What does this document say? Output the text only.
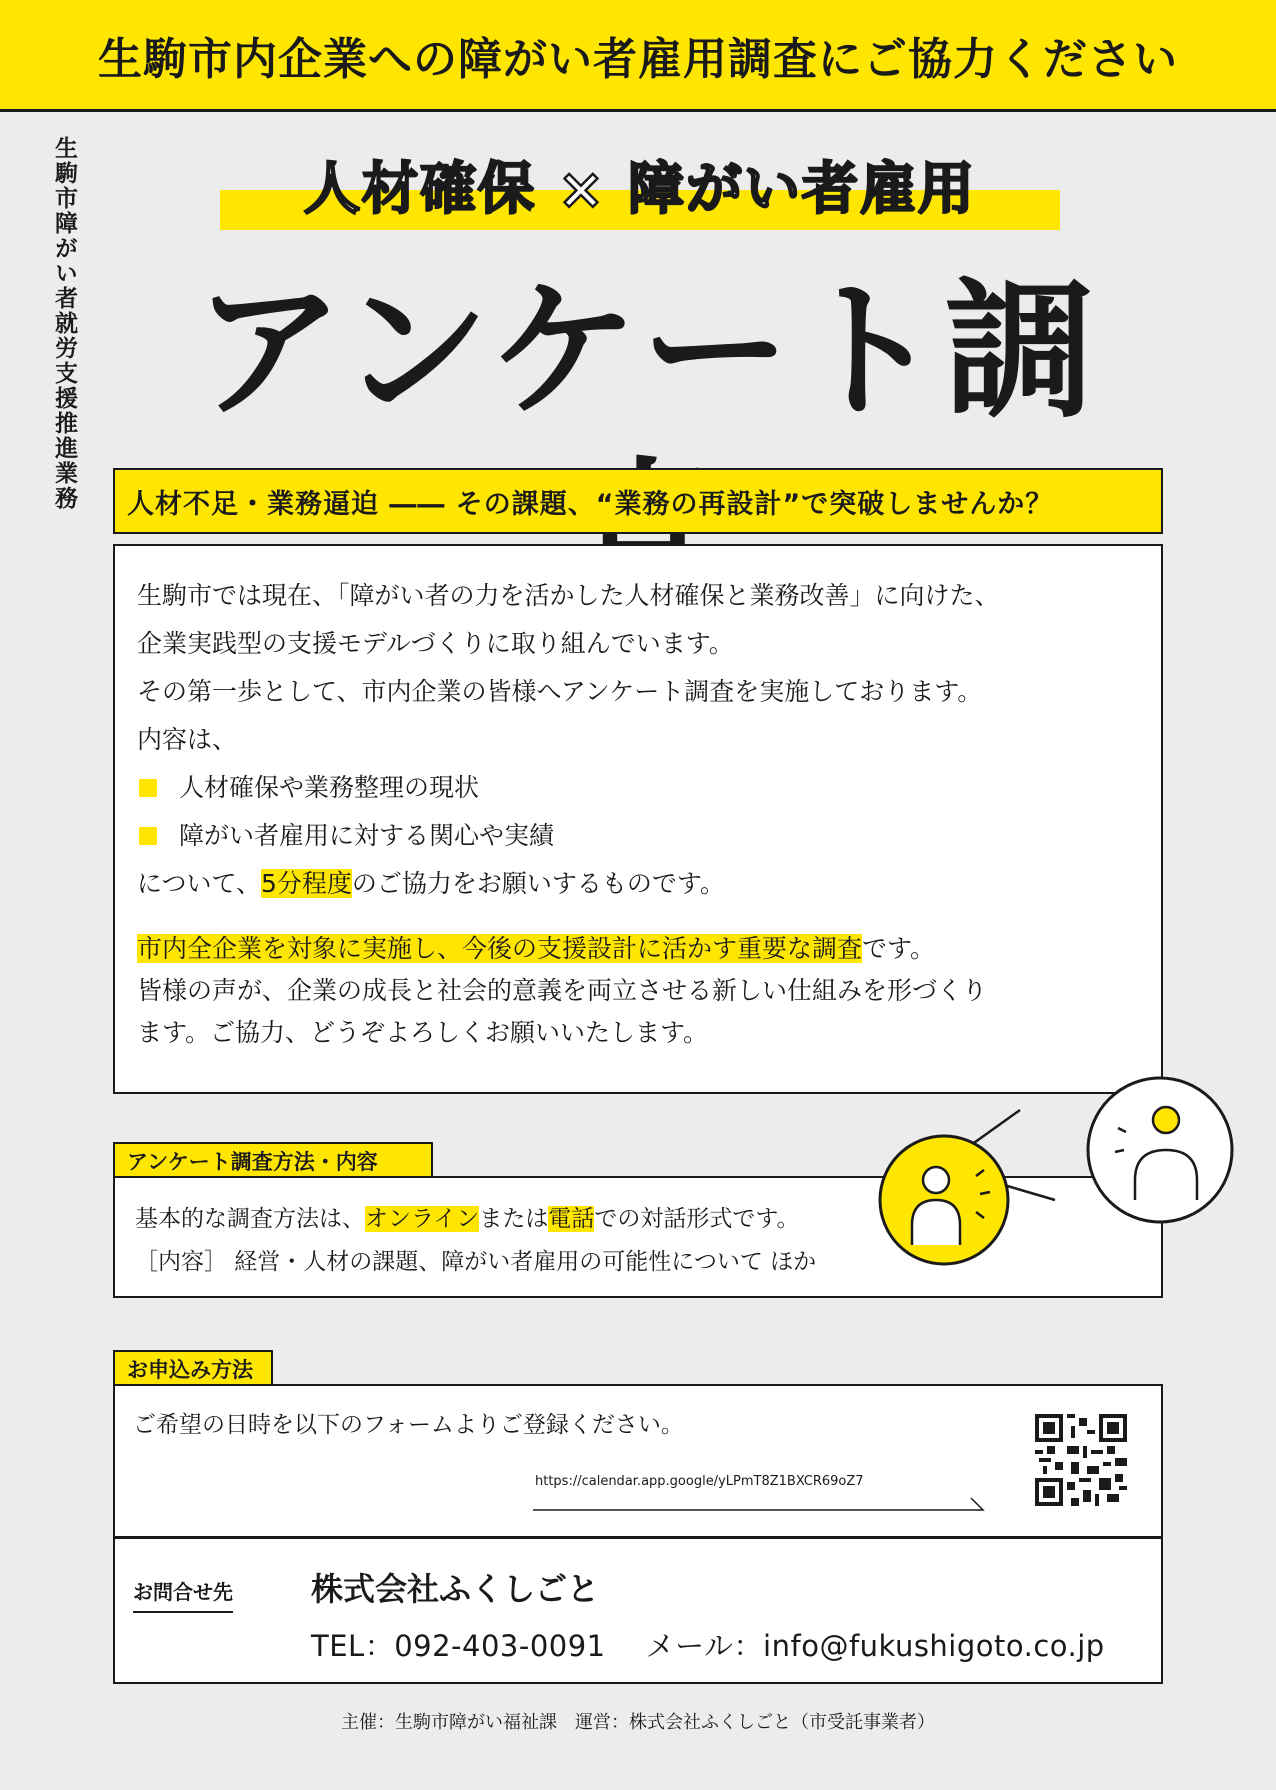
生駒市内企業への障がい者雇用調査にご協力ください
生駒市障がい者就労支援推進業務	人材確保 × 障がい者雇用
アンケート調
人材不足・業務逼迫 ―― その課題、“業務の再設計”で突破しませんか？
生駒市では現在、「障がい者の力を活かした人材確保と業務改善」に向けた、
企業実践型の支援モデルづくりに取り組んでいます。
その第一歩として、市内企業の皆様へアンケート調査を実施しております。
内容は、
人材確保や業務整理の現状
障がい者雇用に対する関心や実績
について、5分程度のご協力をお願いするものです。
市内全企業を対象に実施し、今後の支援設計に活かす重要な調査です。
皆様の声が、企業の成長と社会的意義を両立させる新しい仕組みを形づくり
ます。ご協力、どうぞよろしくお願いいたします。
アンケート調査方法・内容
基本的な調査方法は、オンラインまたは電話での対話形式です。
［内容］ 経営・人材の課題、障がい者雇用の可能性について ほか
お申込み方法
ご希望の日時を以下のフォームよりご登録ください。
https://calendar.app.google/yLPmT8Z1BXCR69oZ7
お問合せ先 株式会社ふくしごと
TEL：092-403-0091 メール：info@fukushigoto.co.jp
主催：生駒市障がい福祉課　運営：株式会社ふくしごと（市受託事業者）
